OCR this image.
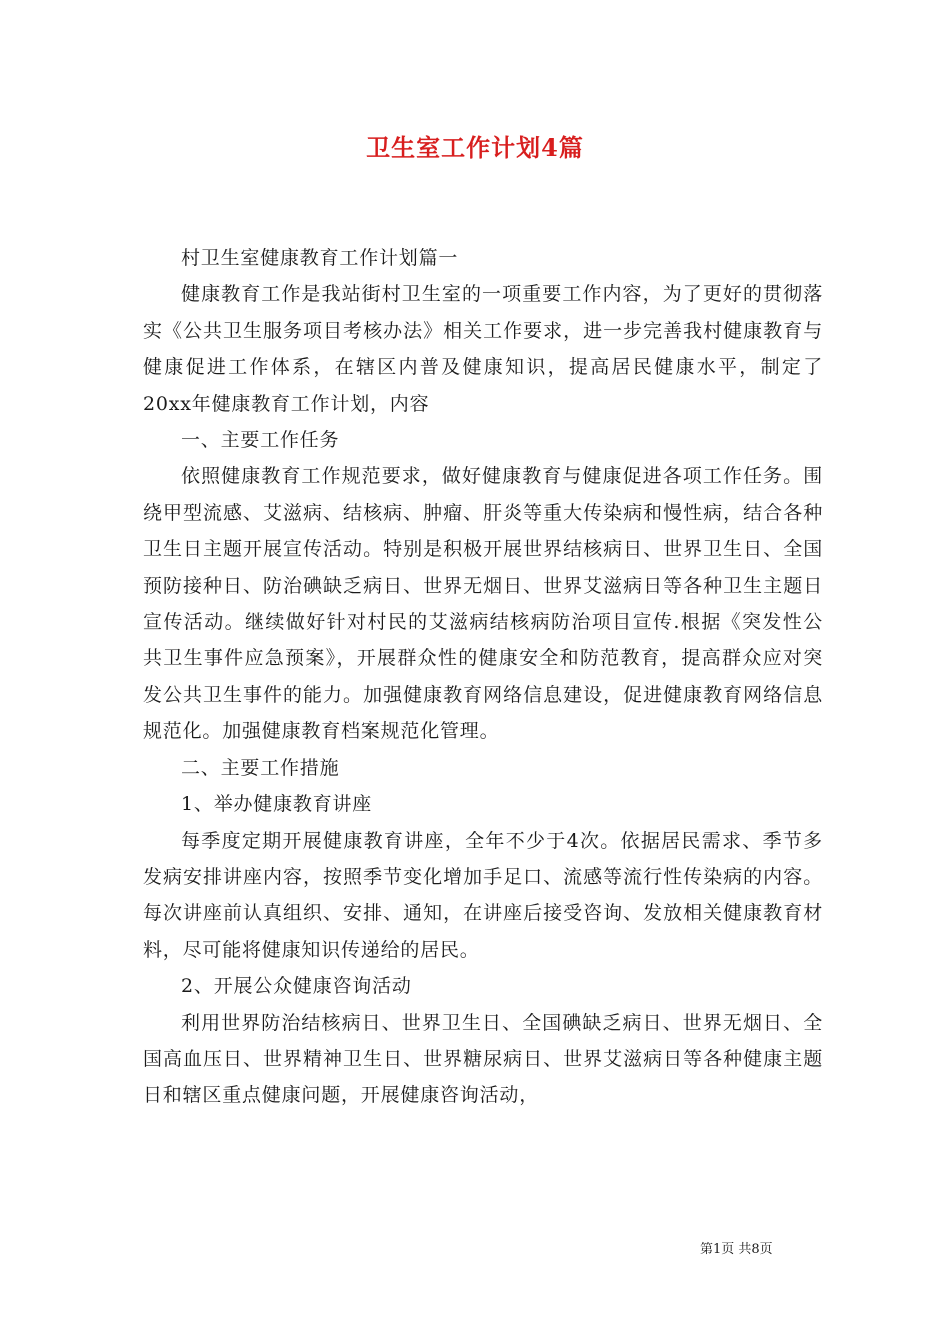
卫生室工作计划4篇

村卫生室健康教育工作计划篇一

健康教育工作是我站街村卫生室的一项重要工作内容，为了更好的贯彻落实《公共卫生服务项目考核办法》相关工作要求，进一步完善我村健康教育与健康促进工作体系，在辖区内普及健康知识，提高居民健康水平，制定了20xx年健康教育工作计划，内容

一、主要工作任务

依照健康教育工作规范要求，做好健康教育与健康促进各项工作任务。围绕甲型流感、艾滋病、结核病、肿瘤、肝炎等重大传染病和慢性病，结合各种卫生日主题开展宣传活动。特别是积极开展世界结核病日、世界卫生日、全国预防接种日、防治碘缺乏病日、世界无烟日、世界艾滋病日等各种卫生主题日宣传活动。继续做好针对村民的艾滋病结核病防治项目宣传.根据《突发性公共卫生事件应急预案》，开展群众性的健康安全和防范教育，提高群众应对突发公共卫生事件的能力。加强健康教育网络信息建设，促进健康教育网络信息规范化。加强健康教育档案规范化管理。

二、主要工作措施

1、举办健康教育讲座

每季度定期开展健康教育讲座，全年不少于4次。依据居民需求、季节多发病安排讲座内容，按照季节变化增加手足口、流感等流行性传染病的内容。每次讲座前认真组织、安排、通知，在讲座后接受咨询、发放相关健康教育材料，尽可能将健康知识传递给的居民。

2、开展公众健康咨询活动

利用世界防治结核病日、世界卫生日、全国碘缺乏病日、世界无烟日、全国高血压日、世界精神卫生日、世界糖尿病日、世界艾滋病日等各种健康主题日和辖区重点健康问题，开展健康咨询活动，

第1页 共8页
